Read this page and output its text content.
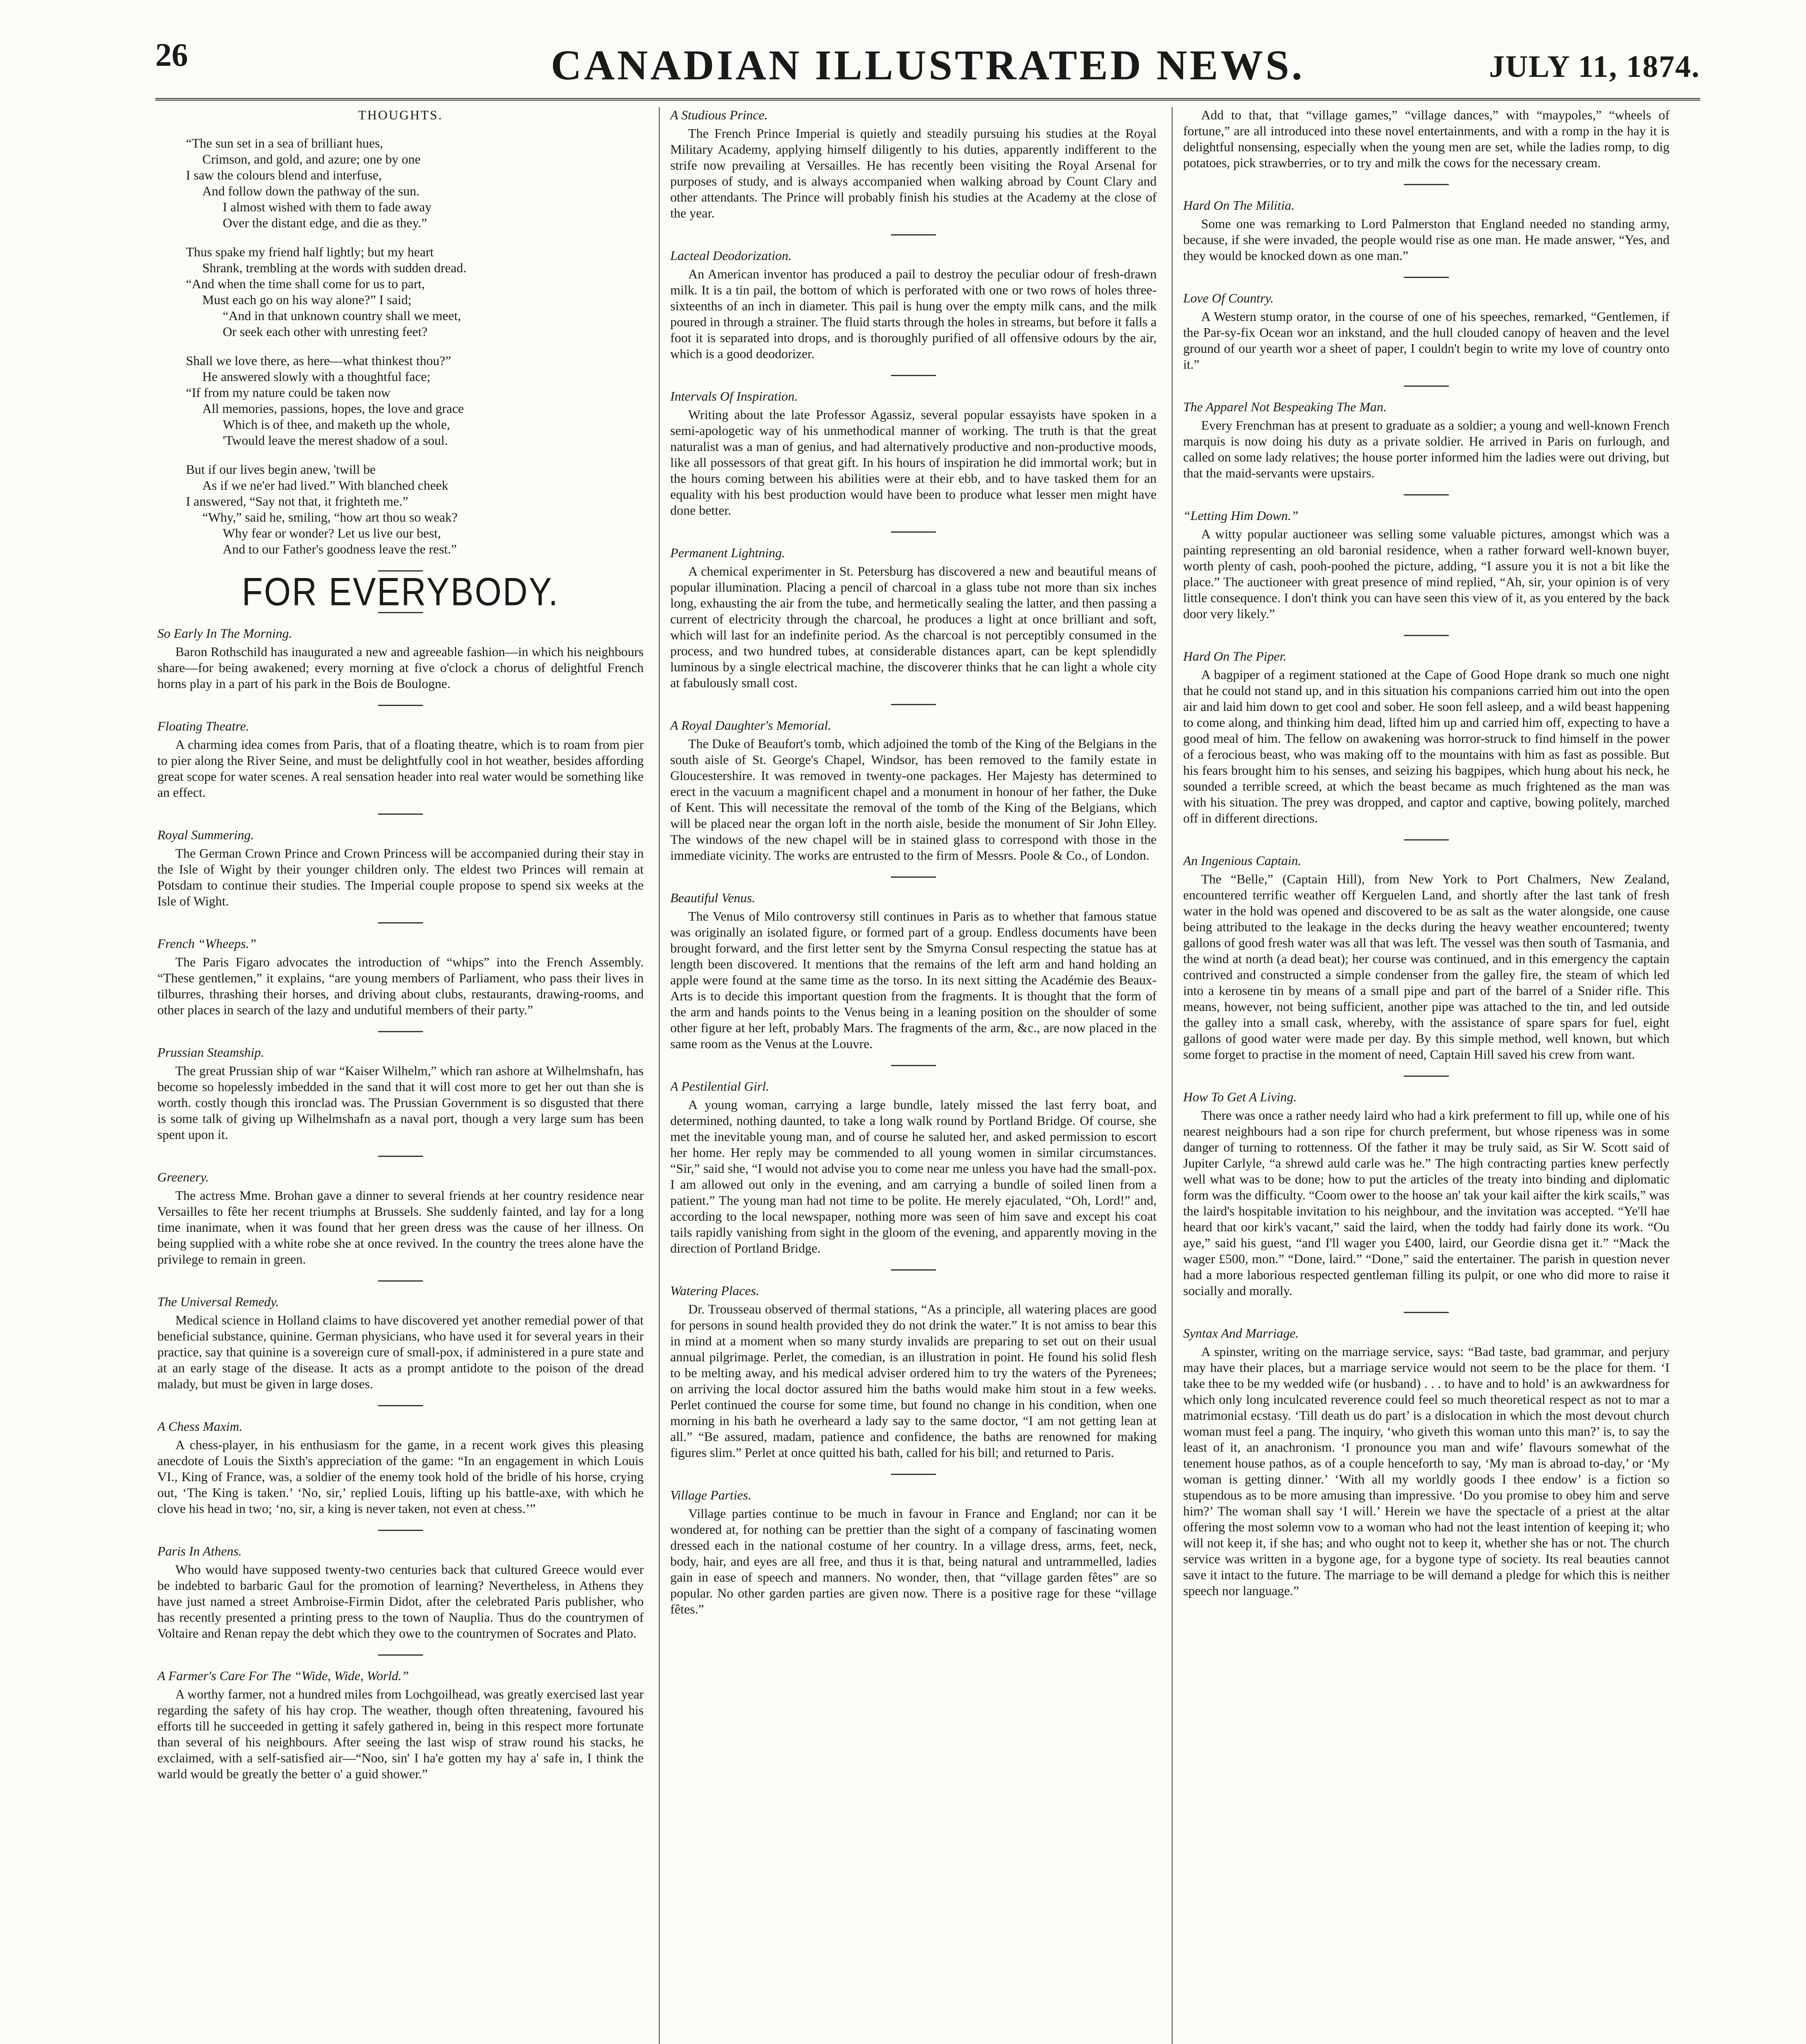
26	CANADIAN ILLUSTRATED NEWS.	JULY 11, 1874.
THOUGHTS.
“The sun set in a sea of brilliant hues,
Crimson, and gold, and azure; one by one
I saw the colours blend and interfuse,
And follow down the pathway of the sun.
I almost wished with them to fade away
Over the distant edge, and die as they.”
Thus spake my friend half lightly; but my heart
Shrank, trembling at the words with sudden dread.
“And when the time shall come for us to part,
Must each go on his way alone?” I said;
“And in that unknown country shall we meet,
Or seek each other with unresting feet?
Shall we love there, as here—what thinkest thou?”
He answered slowly with a thoughtful face;
“If from my nature could be taken now
All memories, passions, hopes, the love and grace
Which is of thee, and maketh up the whole,
'Twould leave the merest shadow of a soul.
But if our lives begin anew, 'twill be
As if we ne'er had lived.” With blanched cheek
I answered, “Say not that, it frighteth me.”
“Why,” said he, smiling, “how art thou so weak?
Why fear or wonder? Let us live our best,
And to our Father's goodness leave the rest.”
FOR EVERYBODY.
So Early In The Morning.

Baron Rothschild has inaugurated a new and agreeable fashion—in which his neighbours share—for being awakened; every morning at five o'clock a chorus of delightful French horns play in a part of his park in the Bois de Boulogne.

Floating Theatre.

A charming idea comes from Paris, that of a floating theatre, which is to roam from pier to pier along the River Seine, and must be delightfully cool in hot weather, besides affording great scope for water scenes. A real sensation header into real water would be something like an effect.

Royal Summering.

The German Crown Prince and Crown Princess will be accompanied during their stay in the Isle of Wight by their younger children only. The eldest two Princes will remain at Potsdam to continue their studies. The Imperial couple propose to spend six weeks at the Isle of Wight.

French “Wheeps.”

The Paris Figaro advocates the introduction of “whips” into the French Assembly. “These gentlemen,” it explains, “are young members of Parliament, who pass their lives in tilburres, thrashing their horses, and driving about clubs, restaurants, drawing-rooms, and other places in search of the lazy and undutiful members of their party.”

Prussian Steamship.

The great Prussian ship of war “Kaiser Wilhelm,” which ran ashore at Wilhelmshafn, has become so hopelessly imbedded in the sand that it will cost more to get her out than she is worth. costly though this ironclad was. The Prussian Government is so disgusted that there is some talk of giving up Wilhelmshafn as a naval port, though a very large sum has been spent upon it.

Greenery.

The actress Mme. Brohan gave a dinner to several friends at her country residence near Versailles to fête her recent triumphs at Brussels. She suddenly fainted, and lay for a long time inanimate, when it was found that her green dress was the cause of her illness. On being supplied with a white robe she at once revived. In the country the trees alone have the privilege to remain in green.

The Universal Remedy.

Medical science in Holland claims to have discovered yet another remedial power of that beneficial substance, quinine. German physicians, who have used it for several years in their practice, say that quinine is a sovereign cure of small-pox, if administered in a pure state and at an early stage of the disease. It acts as a prompt antidote to the poison of the dread malady, but must be given in large doses.

A Chess Maxim.

A chess-player, in his enthusiasm for the game, in a recent work gives this pleasing anecdote of Louis the Sixth's appreciation of the game: “In an engagement in which Louis VI., King of France, was, a soldier of the enemy took hold of the bridle of his horse, crying out, ‘The King is taken.’ ‘No, sir,’ replied Louis, lifting up his battle-axe, with which he clove his head in two; ‘no, sir, a king is never taken, not even at chess.’”

Paris In Athens.

Who would have supposed twenty-two centuries back that cultured Greece would ever be indebted to barbaric Gaul for the promotion of learning? Nevertheless, in Athens they have just named a street Ambroise-Firmin Didot, after the celebrated Paris publisher, who has recently presented a printing press to the town of Nauplia. Thus do the countrymen of Voltaire and Renan repay the debt which they owe to the countrymen of Socrates and Plato.

A Farmer's Care For The “Wide, Wide, World.”

A worthy farmer, not a hundred miles from Lochgoilhead, was greatly exercised last year regarding the safety of his hay crop. The weather, though often threatening, favoured his efforts till he succeeded in getting it safely gathered in, being in this respect more fortunate than several of his neighbours. After seeing the last wisp of straw round his stacks, he exclaimed, with a self-satisfied air—“Noo, sin' I ha'e gotten my hay a' safe in, I think the warld would be greatly the better o' a guid shower.”

A Studious Prince.

The French Prince Imperial is quietly and steadily pursuing his studies at the Royal Military Academy, applying himself diligently to his duties, apparently indifferent to the strife now prevailing at Versailles. He has recently been visiting the Royal Arsenal for purposes of study, and is always accompanied when walking abroad by Count Clary and other attendants. The Prince will probably finish his studies at the Academy at the close of the year.

Lacteal Deodorization.

An American inventor has produced a pail to destroy the peculiar odour of fresh-drawn milk. It is a tin pail, the bottom of which is perforated with one or two rows of holes three-sixteenths of an inch in diameter. This pail is hung over the empty milk cans, and the milk poured in through a strainer. The fluid starts through the holes in streams, but before it falls a foot it is separated into drops, and is thoroughly purified of all offensive odours by the air, which is a good deodorizer.

Intervals Of Inspiration.

Writing about the late Professor Agassiz, several popular essayists have spoken in a semi-apologetic way of his unmethodical manner of working. The truth is that the great naturalist was a man of genius, and had alternatively productive and non-productive moods, like all possessors of that great gift. In his hours of inspiration he did immortal work; but in the hours coming between his abilities were at their ebb, and to have tasked them for an equality with his best production would have been to produce what lesser men might have done better.

Permanent Lightning.

A chemical experimenter in St. Petersburg has discovered a new and beautiful means of popular illumination. Placing a pencil of charcoal in a glass tube not more than six inches long, exhausting the air from the tube, and hermetically sealing the latter, and then passing a current of electricity through the charcoal, he produces a light at once brilliant and soft, which will last for an indefinite period. As the charcoal is not perceptibly consumed in the process, and two hundred tubes, at considerable distances apart, can be kept splendidly luminous by a single electrical machine, the discoverer thinks that he can light a whole city at fabulously small cost.

A Royal Daughter's Memorial.

The Duke of Beaufort's tomb, which adjoined the tomb of the King of the Belgians in the south aisle of St. George's Chapel, Windsor, has been removed to the family estate in Gloucestershire. It was removed in twenty-one packages. Her Majesty has determined to erect in the vacuum a magnificent chapel and a monument in honour of her father, the Duke of Kent. This will necessitate the removal of the tomb of the King of the Belgians, which will be placed near the organ loft in the north aisle, beside the monument of Sir John Elley. The windows of the new chapel will be in stained glass to correspond with those in the immediate vicinity. The works are entrusted to the firm of Messrs. Poole & Co., of London.

Beautiful Venus.

The Venus of Milo controversy still continues in Paris as to whether that famous statue was originally an isolated figure, or formed part of a group. Endless documents have been brought forward, and the first letter sent by the Smyrna Consul respecting the statue has at length been discovered. It mentions that the remains of the left arm and hand holding an apple were found at the same time as the torso. In its next sitting the Académie des Beaux-Arts is to decide this important question from the fragments. It is thought that the form of the arm and hands points to the Venus being in a leaning position on the shoulder of some other figure at her left, probably Mars. The fragments of the arm, &c., are now placed in the same room as the Venus at the Louvre.

A Pestilential Girl.

A young woman, carrying a large bundle, lately missed the last ferry boat, and determined, nothing daunted, to take a long walk round by Portland Bridge. Of course, she met the inevitable young man, and of course he saluted her, and asked permission to escort her home. Her reply may be commended to all young women in similar circumstances. “Sir,” said she, “I would not advise you to come near me unless you have had the small-pox. I am allowed out only in the evening, and am carrying a bundle of soiled linen from a patient.” The young man had not time to be polite. He merely ejaculated, “Oh, Lord!” and, according to the local newspaper, nothing more was seen of him save and except his coat tails rapidly vanishing from sight in the gloom of the evening, and apparently moving in the direction of Portland Bridge.

Watering Places.

Dr. Trousseau observed of thermal stations, “As a principle, all watering places are good for persons in sound health provided they do not drink the water.” It is not amiss to bear this in mind at a moment when so many sturdy invalids are preparing to set out on their usual annual pilgrimage. Perlet, the comedian, is an illustration in point. He found his solid flesh to be melting away, and his medical adviser ordered him to try the waters of the Pyrenees; on arriving the local doctor assured him the baths would make him stout in a few weeks. Perlet continued the course for some time, but found no change in his condition, when one morning in his bath he overheard a lady say to the same doctor, “I am not getting lean at all.” “Be assured, madam, patience and confidence, the baths are renowned for making figures slim.” Perlet at once quitted his bath, called for his bill; and returned to Paris.

Village Parties.

Village parties continue to be much in favour in France and England; nor can it be wondered at, for nothing can be prettier than the sight of a company of fascinating women dressed each in the national costume of her country. In a village dress, arms, feet, neck, body, hair, and eyes are all free, and thus it is that, being natural and untrammelled, ladies gain in ease of speech and manners. No wonder, then, that “village garden fêtes” are so popular. No other garden parties are given now. There is a positive rage for these “village fêtes.”

Add to that, that “village games,” “village dances,” with “maypoles,” “wheels of fortune,” are all introduced into these novel entertainments, and with a romp in the hay it is delightful nonsensing, especially when the young men are set, while the ladies romp, to dig potatoes, pick strawberries, or to try and milk the cows for the necessary cream.

Hard On The Militia.

Some one was remarking to Lord Palmerston that England needed no standing army, because, if she were invaded, the people would rise as one man. He made answer, “Yes, and they would be knocked down as one man.”

Love Of Country.

A Western stump orator, in the course of one of his speeches, remarked, “Gentlemen, if the Par-sy-fix Ocean wor an inkstand, and the hull clouded canopy of heaven and the level ground of our yearth wor a sheet of paper, I couldn't begin to write my love of country onto it.”

The Apparel Not Bespeaking The Man.

Every Frenchman has at present to graduate as a soldier; a young and well-known French marquis is now doing his duty as a private soldier. He arrived in Paris on furlough, and called on some lady relatives; the house porter informed him the ladies were out driving, but that the maid-servants were upstairs.

“Letting Him Down.”

A witty popular auctioneer was selling some valuable pictures, amongst which was a painting representing an old baronial residence, when a rather forward well-known buyer, worth plenty of cash, pooh-poohed the picture, adding, “I assure you it is not a bit like the place.” The auctioneer with great presence of mind replied, “Ah, sir, your opinion is of very little consequence. I don't think you can have seen this view of it, as you entered by the back door very likely.”

Hard On The Piper.

A bagpiper of a regiment stationed at the Cape of Good Hope drank so much one night that he could not stand up, and in this situation his companions carried him out into the open air and laid him down to get cool and sober. He soon fell asleep, and a wild beast happening to come along, and thinking him dead, lifted him up and carried him off, expecting to have a good meal of him. The fellow on awakening was horror-struck to find himself in the power of a ferocious beast, who was making off to the mountains with him as fast as possible. But his fears brought him to his senses, and seizing his bagpipes, which hung about his neck, he sounded a terrible screed, at which the beast became as much frightened as the man was with his situation. The prey was dropped, and captor and captive, bowing politely, marched off in different directions.

An Ingenious Captain.

The “Belle,” (Captain Hill), from New York to Port Chalmers, New Zealand, encountered terrific weather off Kerguelen Land, and shortly after the last tank of fresh water in the hold was opened and discovered to be as salt as the water alongside, one cause being attributed to the leakage in the decks during the heavy weather encountered; twenty gallons of good fresh water was all that was left. The vessel was then south of Tasmania, and the wind at north (a dead beat); her course was continued, and in this emergency the captain contrived and constructed a simple condenser from the galley fire, the steam of which led into a kerosene tin by means of a small pipe and part of the barrel of a Snider rifle. This means, however, not being sufficient, another pipe was attached to the tin, and led outside the galley into a small cask, whereby, with the assistance of spare spars for fuel, eight gallons of good water were made per day. By this simple method, well known, but which some forget to practise in the moment of need, Captain Hill saved his crew from want.

How To Get A Living.

There was once a rather needy laird who had a kirk preferment to fill up, while one of his nearest neighbours had a son ripe for church preferment, but whose ripeness was in some danger of turning to rottenness. Of the father it may be truly said, as Sir W. Scott said of Jupiter Carlyle, “a shrewd auld carle was he.” The high contracting parties knew perfectly well what was to be done; how to put the articles of the treaty into binding and diplomatic form was the difficulty. “Coom ower to the hoose an' tak your kail aifter the kirk scails,” was the laird's hospitable invitation to his neighbour, and the invitation was accepted. “Ye'll hae heard that oor kirk's vacant,” said the laird, when the toddy had fairly done its work. “Ou aye,” said his guest, “and I'll wager you £400, laird, our Geordie disna get it.” “Mack the wager £500, mon.” “Done, laird.” “Done,” said the entertainer. The parish in question never had a more laborious respected gentleman filling its pulpit, or one who did more to raise it socially and morally.

Syntax And Marriage.

A spinster, writing on the marriage service, says: “Bad taste, bad grammar, and perjury may have their places, but a marriage service would not seem to be the place for them. ‘I take thee to be my wedded wife (or husband) . . . to have and to hold’ is an awkwardness for which only long inculcated reverence could feel so much theoretical respect as not to mar a matrimonial ecstasy. ‘Till death us do part’ is a dislocation in which the most devout church woman must feel a pang. The inquiry, ‘who giveth this woman unto this man?’ is, to say the least of it, an anachronism. ‘I pronounce you man and wife’ flavours somewhat of the tenement house pathos, as of a couple henceforth to say, ‘My man is abroad to-day,’ or ‘My woman is getting dinner.’ ‘With all my worldly goods I thee endow’ is a fiction so stupendous as to be more amusing than impressive. ‘Do you promise to obey him and serve him?’ The woman shall say ‘I will.’ Herein we have the spectacle of a priest at the altar offering the most solemn vow to a woman who had not the least intention of keeping it; who will not keep it, if she has; and who ought not to keep it, whether she has or not. The church service was written in a bygone age, for a bygone type of society. Its real beauties cannot save it intact to the future. The marriage to be will demand a pledge for which this is neither speech nor language.”
